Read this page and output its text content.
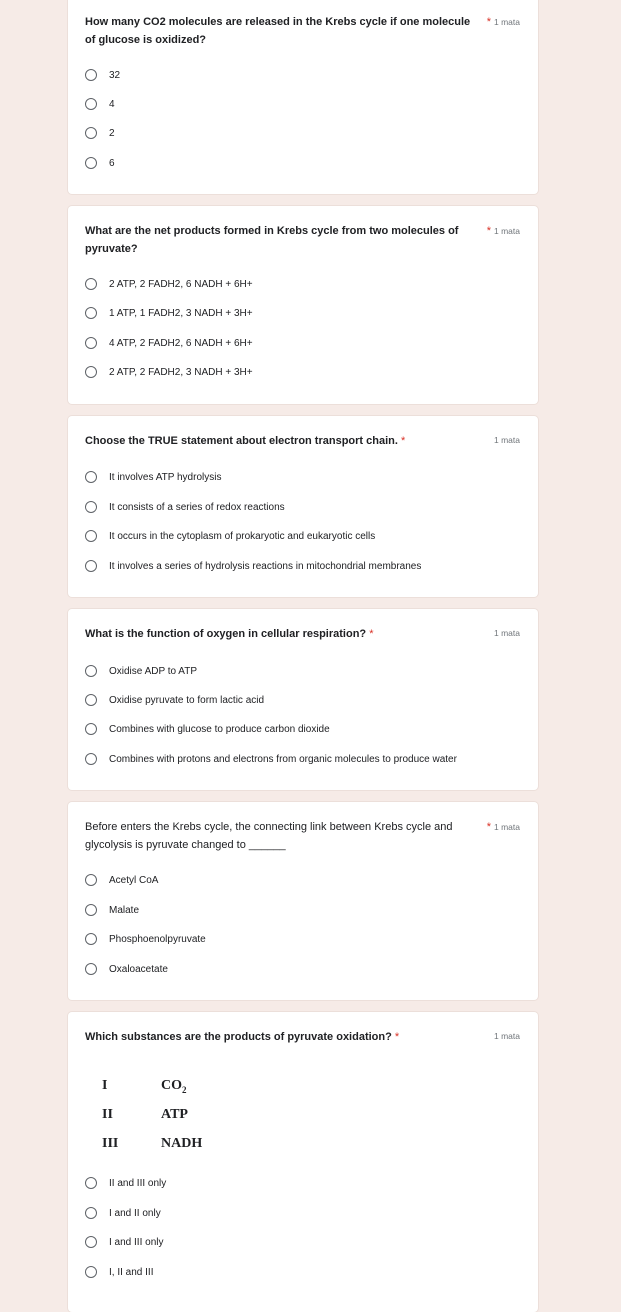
How many CO2 molecules are released in the Krebs cycle if one molecule of glucose is oxidized?
* 1 mata
32
4
2
6
What are the net products formed in Krebs cycle from two molecules of pyruvate?
* 1 mata
2 ATP, 2 FADH2, 6 NADH + 6H+
1 ATP, 1 FADH2, 3 NADH + 3H+
4 ATP, 2 FADH2, 6 NADH + 6H+
2 ATP, 2 FADH2, 3 NADH + 3H+
Choose the TRUE statement about electron transport chain. *	1 mata
It involves ATP hydrolysis
It consists of a series of redox reactions
It occurs in the cytoplasm of prokaryotic and eukaryotic cells
It involves a series of hydrolysis reactions in mitochondrial membranes
What is the function of oxygen in cellular respiration? *	1 mata
Oxidise ADP to ATP
Oxidise pyruvate to form lactic acid
Combines with glucose to produce carbon dioxide
Combines with protons and electrons from organic molecules to produce water
Before enters the Krebs cycle, the connecting link between Krebs cycle and glycolysis is pyruvate changed to ______
* 1 mata
Acetyl CoA
Malate
Phosphoenolpyruvate
Oxaloacetate
Which substances are the products of pyruvate oxidation? *	1 mata
I	$CO_2$
II	ATP
III	NADH
II and III only
I and II only
I and III only
I, II and III
